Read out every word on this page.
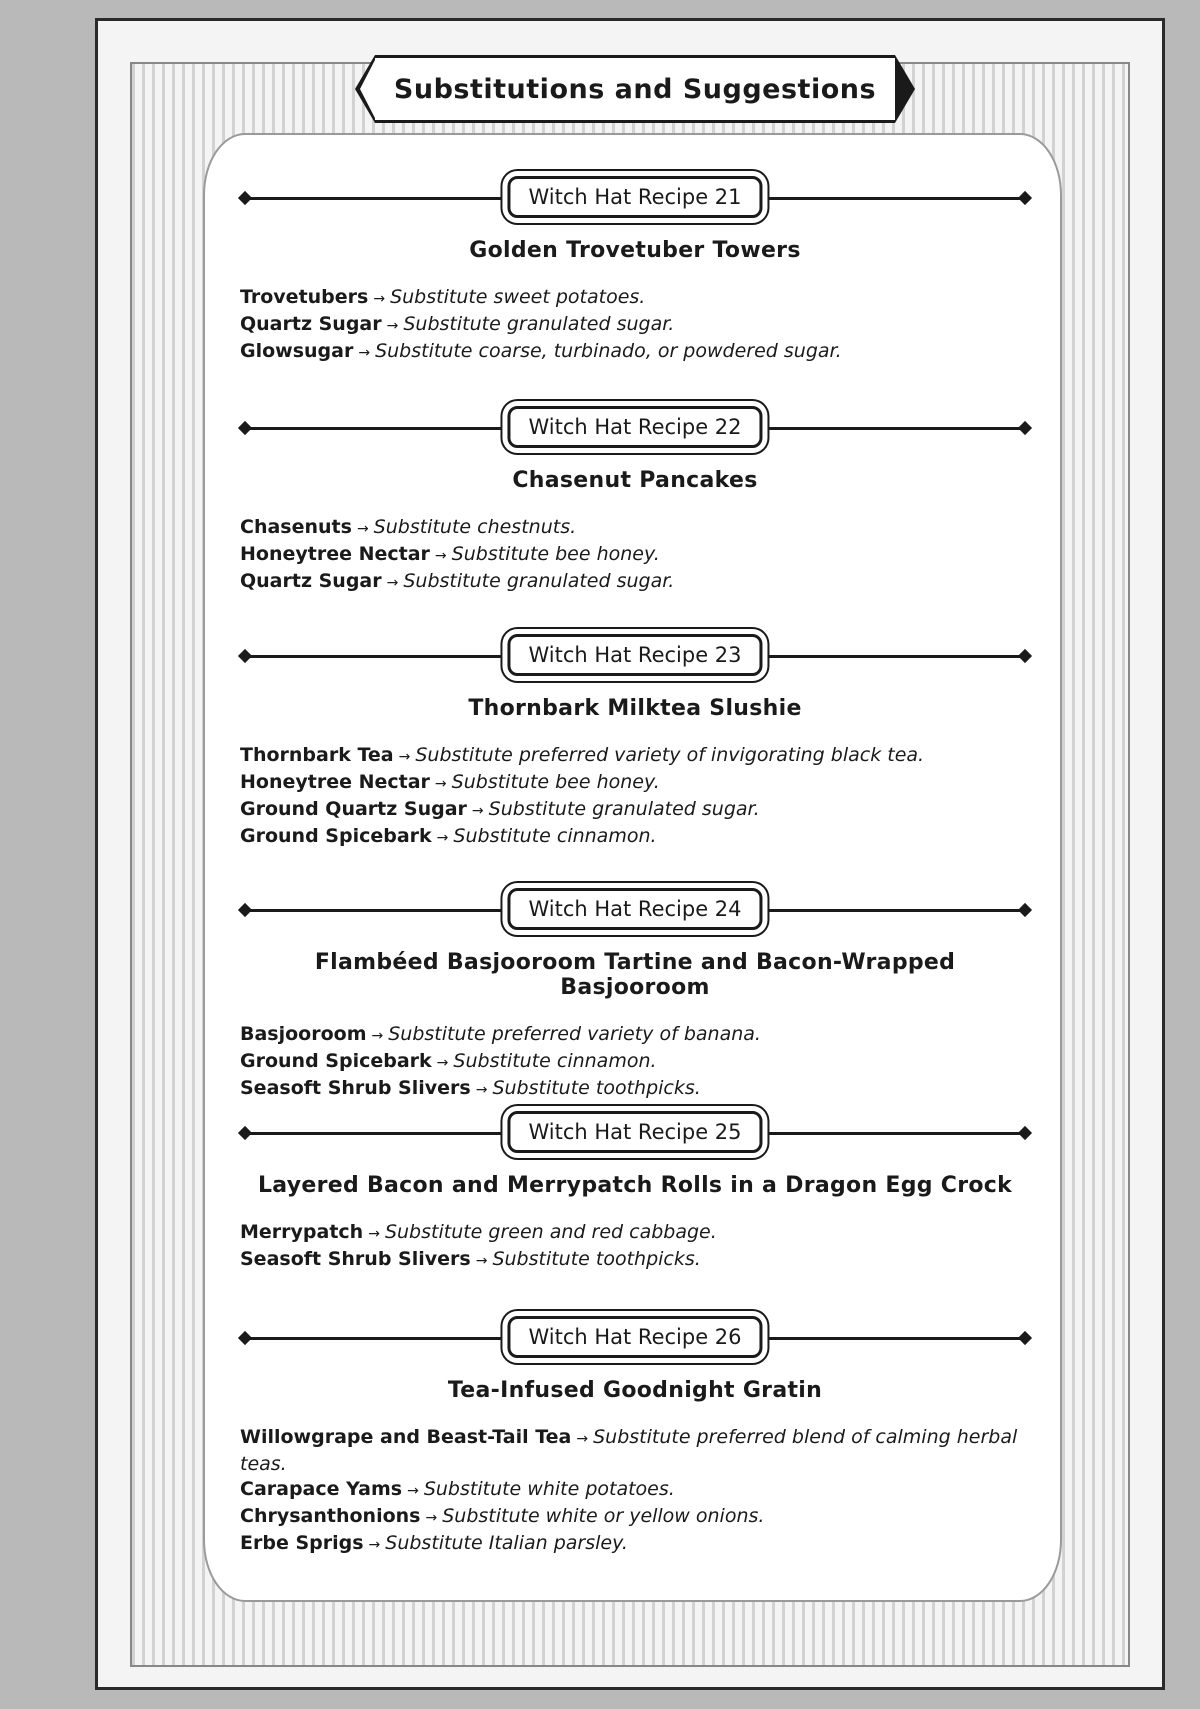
Substitutions and Suggestions
Witch Hat Recipe 21
Golden Trovetuber Towers
Trovetubers → Substitute sweet potatoes.
Quartz Sugar → Substitute granulated sugar.
Glowsugar → Substitute coarse, turbinado, or powdered sugar.
Witch Hat Recipe 22
Chasenut Pancakes
Chasenuts → Substitute chestnuts.
Honeytree Nectar → Substitute bee honey.
Quartz Sugar → Substitute granulated sugar.
Witch Hat Recipe 23
Thornbark Milktea Slushie
Thornbark Tea → Substitute preferred variety of invigorating black tea.
Honeytree Nectar → Substitute bee honey.
Ground Quartz Sugar → Substitute granulated sugar.
Ground Spicebark → Substitute cinnamon.
Witch Hat Recipe 24
Flambéed Basjooroom Tartine and Bacon-Wrapped Basjooroom
Basjooroom → Substitute preferred variety of banana.
Ground Spicebark → Substitute cinnamon.
Seasoft Shrub Slivers → Substitute toothpicks.
Witch Hat Recipe 25
Layered Bacon and Merrypatch Rolls in a Dragon Egg Crock
Merrypatch → Substitute green and red cabbage.
Seasoft Shrub Slivers → Substitute toothpicks.
Witch Hat Recipe 26
Tea-Infused Goodnight Gratin
Willowgrape and Beast-Tail Tea → Substitute preferred blend of calming herbal teas.
Carapace Yams → Substitute white potatoes.
Chrysanthonions → Substitute white or yellow onions.
Erbe Sprigs → Substitute Italian parsley.
